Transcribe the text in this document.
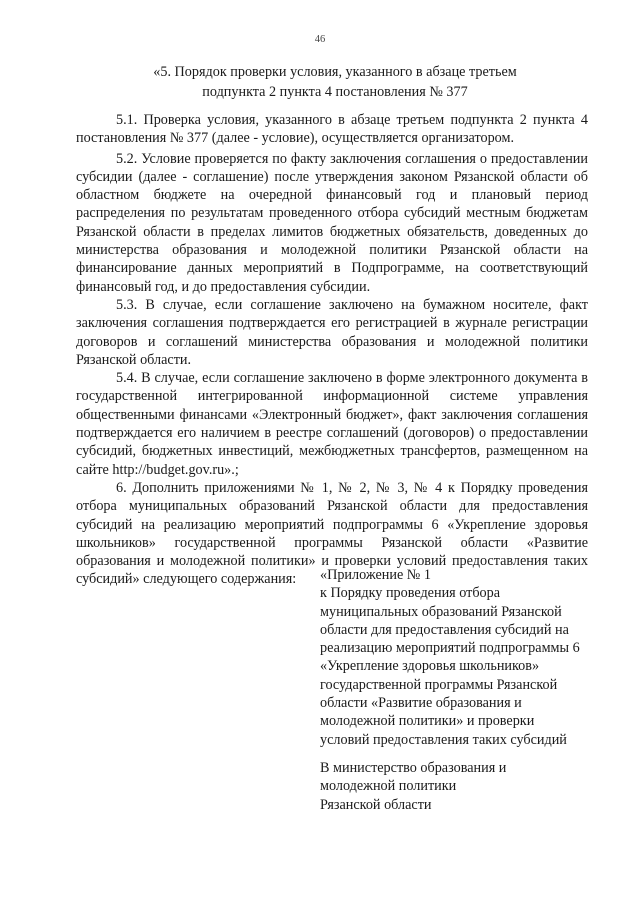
46
«5. Порядок проверки условия, указанного в абзаце третьем
подпункта 2 пункта 4 постановления № 377

5.1. Проверка условия, указанного в абзаце третьем подпункта 2 пункта 4 постановления № 377 (далее - условие), осуществляется организатором.

5.2. Условие проверяется по факту заключения соглашения о предоставлении субсидии (далее - соглашение) после утверждения законом Рязанской области об областном бюджете на очередной финансовый год и плановый период распределения по результатам проведенного отбора субсидий местным бюджетам Рязанской области в пределах лимитов бюджетных обязательств, доведенных до министерства образования и молодежной политики Рязанской области на финансирование данных мероприятий в Подпрограмме, на соответствующий финансовый год, и до предоставления субсидии.

5.3. В случае, если соглашение заключено на бумажном носителе, факт заключения соглашения подтверждается его регистрацией в журнале регистрации договоров и соглашений министерства образования и молодежной политики Рязанской области.

5.4. В случае, если соглашение заключено в форме электронного документа в государственной интегрированной информационной системе управления общественными финансами «Электронный бюджет», факт заключения соглашения подтверждается его наличием в реестре соглашений (договоров) о предоставлении субсидий, бюджетных инвестиций, межбюджетных трансфертов, размещенном на сайте http://budget.gov.ru».;

6. Дополнить приложениями № 1, № 2, № 3, № 4 к Порядку проведения отбора муниципальных образований Рязанской области для предоставления субсидий на реализацию мероприятий подпрограммы 6 «Укрепление здоровья школьников» государственной программы Рязанской области «Развитие образования и молодежной политики» и проверки условий предоставления таких субсидий» следующего содержания:	«Приложение № 1
к Порядку проведения отбора
муниципальных образований Рязанской
области для предоставления субсидий на
реализацию мероприятий подпрограммы 6
«Укрепление здоровья школьников»
государственной программы Рязанской
области «Развитие образования и
молодежной политики» и проверки
условий предоставления таких субсидий
В министерство образования и
молодежной политики
Рязанской области
